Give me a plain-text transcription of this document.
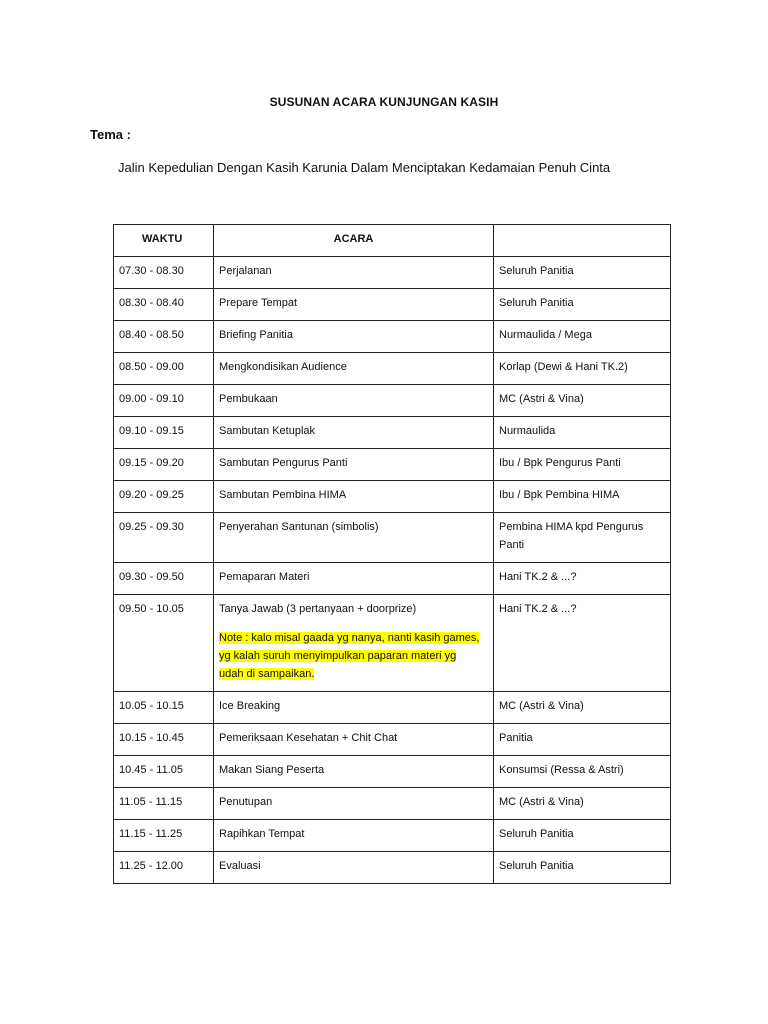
SUSUNAN ACARA KUNJUNGAN KASIH
Tema :
Jalin Kepedulian Dengan Kasih Karunia Dalam Menciptakan Kedamaian Penuh Cinta
WAKTU	ACARA	
07.30 - 08.30	Perjalanan	Seluruh Panitia
08.30 - 08.40	Prepare Tempat	Seluruh Panitia
08.40 - 08.50	Briefing Panitia	Nurmaulida / Mega
08.50 - 09.00	Mengkondisikan Audience	Korlap (Dewi & Hani TK.2)
09.00 - 09.10	Pembukaan	MC (Astri & Vina)
09.10 - 09.15	Sambutan Ketuplak	Nurmaulida
09.15 - 09.20	Sambutan Pengurus Panti	Ibu / Bpk Pengurus Panti
09.20 - 09.25	Sambutan Pembina HIMA	Ibu / Bpk Pembina HIMA
09.25 - 09.30	Penyerahan Santunan (simbolis)	Pembina HIMA kpd Pengurus Panti
09.30 - 09.50	Pemaparan Materi	Hani TK.2 & ...?
09.50 - 10.05	Tanya Jawab (3 pertanyaan + doorprize)
Note : kalo misal gaada yg nanya, nanti kasih games,
yg kalah suruh menyimpulkan paparan materi yg
udah di sampaikan.	Hani TK.2 & ...?
10.05 - 10.15	Ice Breaking	MC (Astri & Vina)
10.15 - 10.45	Pemeriksaan Kesehatan + Chit Chat	Panitia
10.45 - 11.05	Makan Siang Peserta	Konsumsi (Ressa & Astri)
11.05 - 11.15	Penutupan	MC (Astri & Vina)
11.15 - 11.25	Rapihkan Tempat	Seluruh Panitia
11.25 - 12.00	Evaluasi	Seluruh Panitia
